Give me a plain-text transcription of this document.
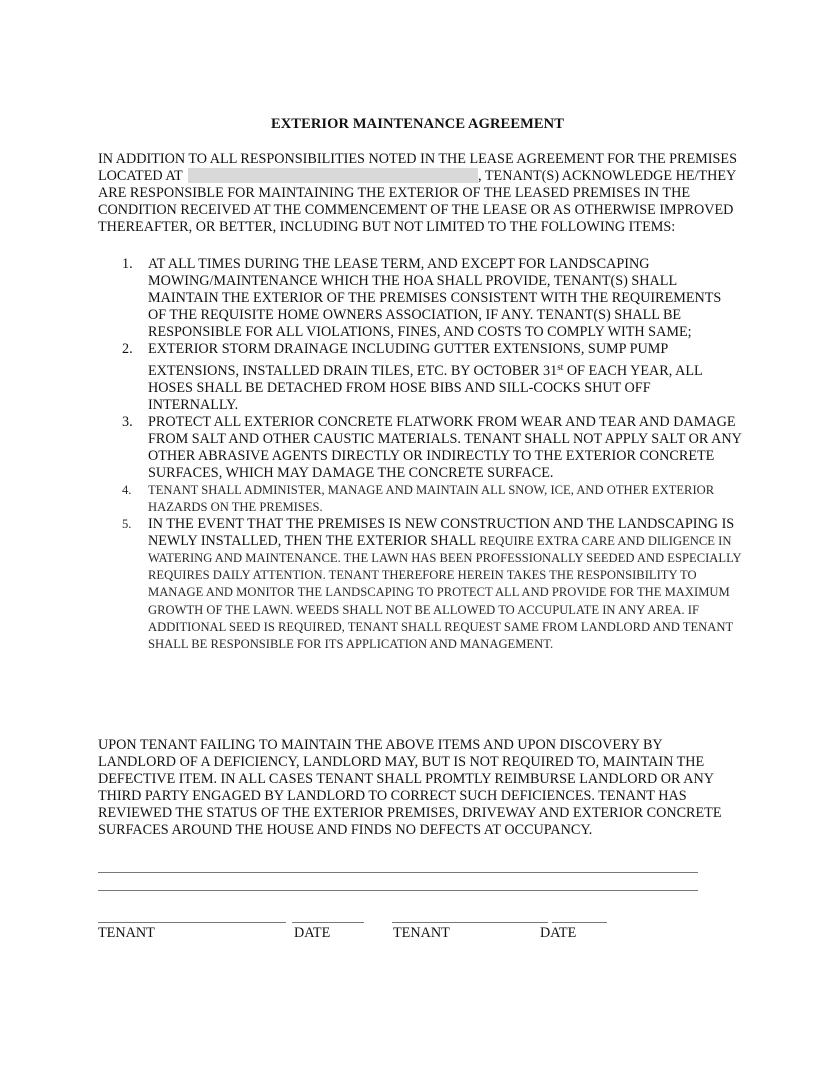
EXTERIOR MAINTENANCE AGREEMENT
IN ADDITION TO ALL RESPONSIBILITIES NOTED IN THE LEASE AGREEMENT FOR THE PREMISES LOCATED AT	, TENANT(S) ACKNOWLEDGE HE/THEY ARE RESPONSIBLE FOR MAINTAINING THE EXTERIOR OF THE LEASED PREMISES IN THE CONDITION RECEIVED AT THE COMMENCEMENT OF THE LEASE OR AS OTHERWISE IMPROVED THEREAFTER, OR BETTER, INCLUDING BUT NOT LIMITED TO THE FOLLOWING ITEMS:
1.	AT ALL TIMES DURING THE LEASE TERM, AND EXCEPT FOR LANDSCAPING MOWING/MAINTENANCE WHICH THE HOA SHALL PROVIDE, TENANT(S) SHALL MAINTAIN THE EXTERIOR OF THE PREMISES CONSISTENT WITH THE REQUIREMENTS OF THE REQUISITE HOME OWNERS ASSOCIATION, IF ANY. TENANT(S) SHALL BE RESPONSIBLE FOR ALL VIOLATIONS, FINES, AND COSTS TO COMPLY WITH SAME;
2.	EXTERIOR STORM DRAINAGE INCLUDING GUTTER EXTENSIONS, SUMP PUMP EXTENSIONS, INSTALLED DRAIN TILES, ETC. BY OCTOBER 31st OF EACH YEAR, ALL HOSES SHALL BE DETACHED FROM HOSE BIBS AND SILL-COCKS SHUT OFF INTERNALLY.
3.	PROTECT ALL EXTERIOR CONCRETE FLATWORK FROM WEAR AND TEAR AND DAMAGE FROM SALT AND OTHER CAUSTIC MATERIALS. TENANT SHALL NOT APPLY SALT OR ANY OTHER ABRASIVE AGENTS DIRECTLY OR INDIRECTLY TO THE EXTERIOR CONCRETE SURFACES, WHICH MAY DAMAGE THE CONCRETE SURFACE.
4.	TENANT SHALL ADMINISTER, MANAGE AND MAINTAIN ALL SNOW, ICE, AND OTHER EXTERIOR HAZARDS ON THE PREMISES.
5.	IN THE EVENT THAT THE PREMISES IS NEW CONSTRUCTION AND THE LANDSCAPING IS NEWLY INSTALLED, THEN THE EXTERIOR SHALL REQUIRE EXTRA CARE AND DILIGENCE IN WATERING AND MAINTENANCE. THE LAWN HAS BEEN PROFESSIONALLY SEEDED AND ESPECIALLY REQUIRES DAILY ATTENTION. TENANT THEREFORE HEREIN TAKES THE RESPONSIBILITY TO MANAGE AND MONITOR THE LANDSCAPING TO PROTECT ALL AND PROVIDE FOR THE MAXIMUM GROWTH OF THE LAWN. WEEDS SHALL NOT BE ALLOWED TO ACCUPULATE IN ANY AREA. IF ADDITIONAL SEED IS REQUIRED, TENANT SHALL REQUEST SAME FROM LANDLORD AND TENANT SHALL BE RESPONSIBLE FOR ITS APPLICATION AND MANAGEMENT.
UPON TENANT FAILING TO MAINTAIN THE ABOVE ITEMS AND UPON DISCOVERY BY LANDLORD OF A DEFICIENCY, LANDLORD MAY, BUT IS NOT REQUIRED TO, MAINTAIN THE DEFECTIVE ITEM. IN ALL CASES TENANT SHALL PROMTLY REIMBURSE LANDLORD OR ANY THIRD PARTY ENGAGED BY LANDLORD TO CORRECT SUCH DEFICIENCES. TENANT HAS REVIEWED THE STATUS OF THE EXTERIOR PREMISES, DRIVEWAY AND EXTERIOR CONCRETE SURFACES AROUND THE HOUSE AND FINDS NO DEFECTS AT OCCUPANCY.
TENANT	DATE	TENANT	DATE
